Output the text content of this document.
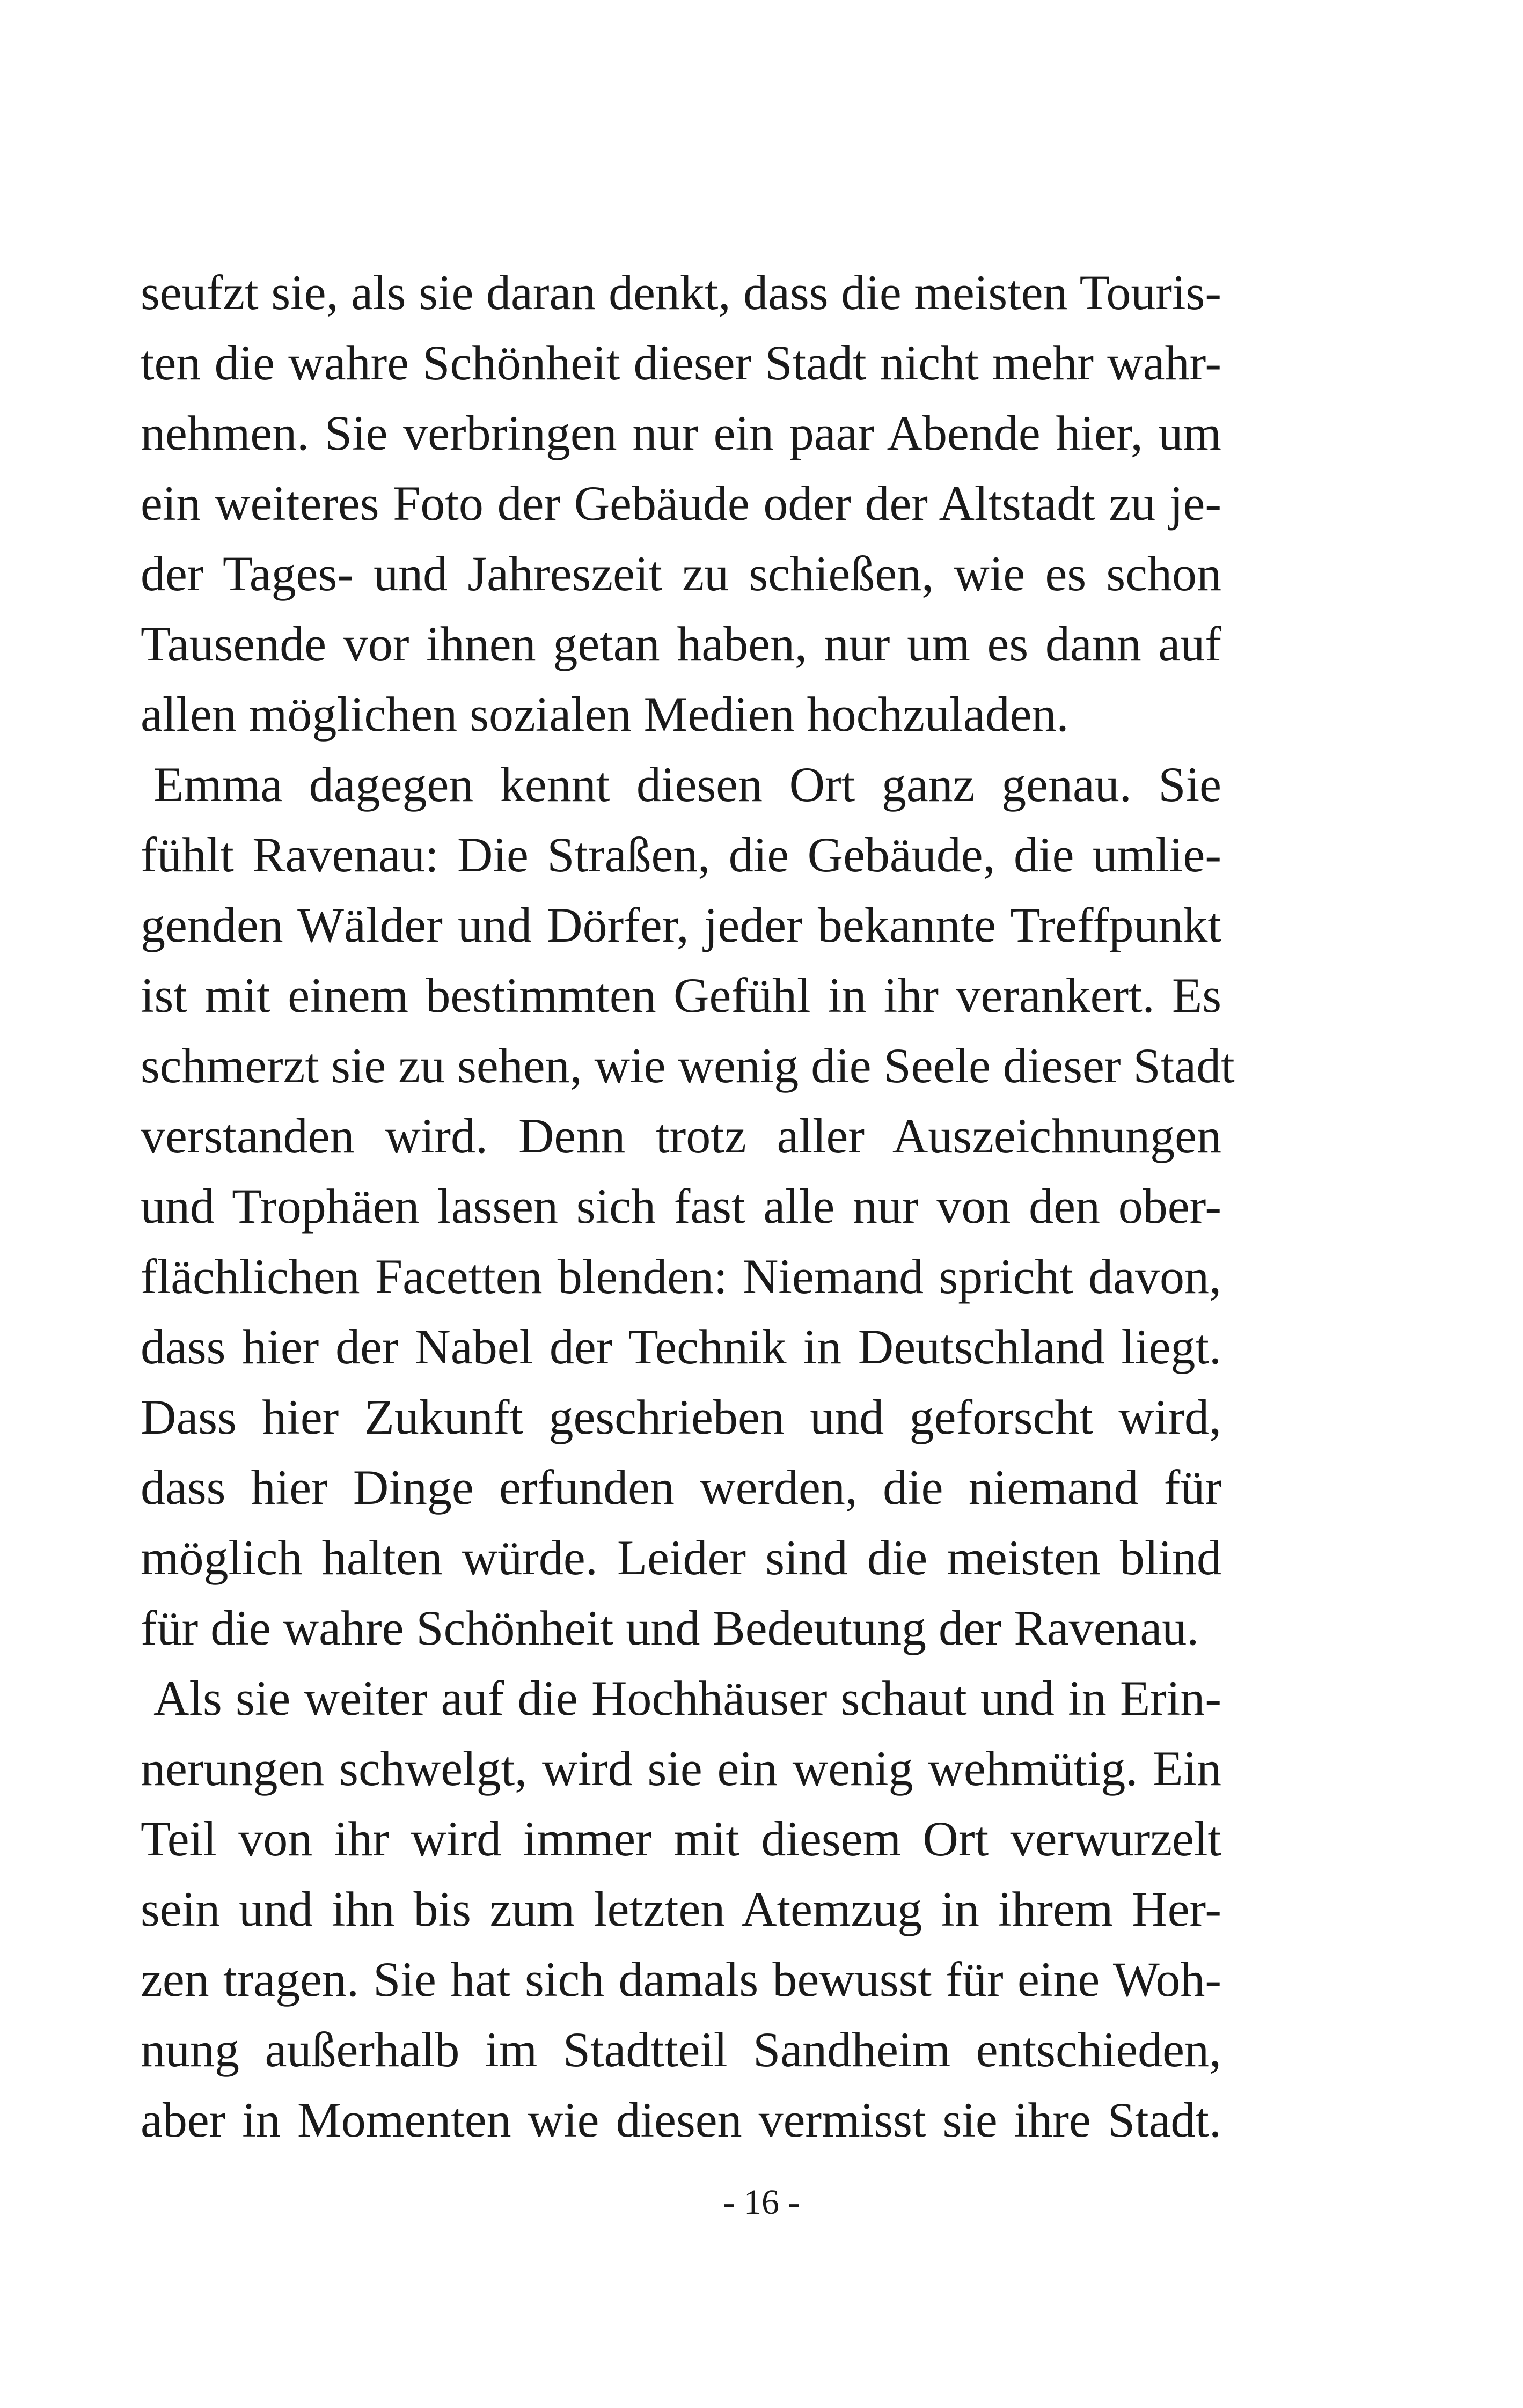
seufzt sie, als sie daran denkt, dass die meisten Touris-
ten die wahre Schönheit dieser Stadt nicht mehr wahr-
nehmen. Sie verbringen nur ein paar Abende hier, um
ein weiteres Foto der Gebäude oder der Altstadt zu je-
der Tages- und Jahreszeit zu schießen, wie es schon
Tausende vor ihnen getan haben, nur um es dann auf
allen möglichen sozialen Medien hochzuladen.
Emma dagegen kennt diesen Ort ganz genau. Sie
fühlt Ravenau: Die Straßen, die Gebäude, die umlie-
genden Wälder und Dörfer, jeder bekannte Treffpunkt
ist mit einem bestimmten Gefühl in ihr verankert. Es
schmerzt sie zu sehen, wie wenig die Seele dieser Stadt
verstanden wird. Denn trotz aller Auszeichnungen
und Trophäen lassen sich fast alle nur von den ober-
flächlichen Facetten blenden: Niemand spricht davon,
dass hier der Nabel der Technik in Deutschland liegt.
Dass hier Zukunft geschrieben und geforscht wird,
dass hier Dinge erfunden werden, die niemand für
möglich halten würde. Leider sind die meisten blind
für die wahre Schönheit und Bedeutung der Ravenau.
Als sie weiter auf die Hochhäuser schaut und in Erin-
nerungen schwelgt, wird sie ein wenig wehmütig. Ein
Teil von ihr wird immer mit diesem Ort verwurzelt
sein und ihn bis zum letzten Atemzug in ihrem Her-
zen tragen. Sie hat sich damals bewusst für eine Woh-
nung außerhalb im Stadtteil Sandheim entschieden,
aber in Momenten wie diesen vermisst sie ihre Stadt.
- 16 -
